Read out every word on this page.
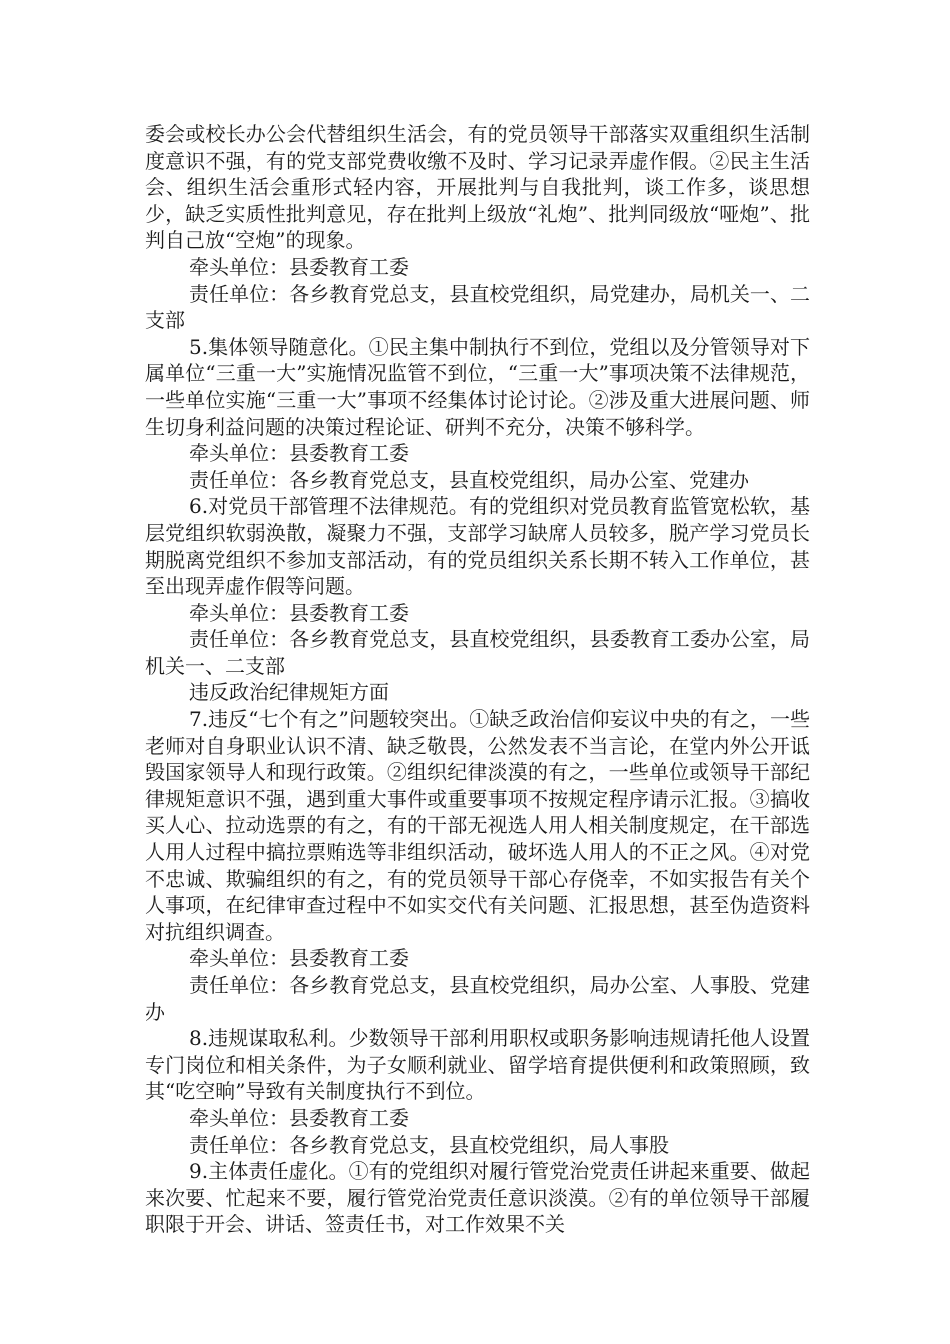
委会或校长办公会代替组织生活会，有的党员领导干部落实双重组织生活制度意识不强，有的党支部党费收缴不及时、学习记录弄虚作假。②民主生活会、组织生活会重形式轻内容，开展批判与自我批判，谈工作多，谈思想少，缺乏实质性批判意见，存在批判上级放“礼炮”、批判同级放“哑炮”、批判自己放“空炮”的现象。

牵头单位：县委教育工委

责任单位：各乡教育党总支，县直校党组织，局党建办，局机关一、二支部

5.集体领导随意化。①民主集中制执行不到位，党组以及分管领导对下属单位“三重一大”实施情况监管不到位，“三重一大”事项决策不法律规范，一些单位实施“三重一大”事项不经集体讨论讨论。②涉及重大进展问题、师生切身利益问题的决策过程论证、研判不充分，决策不够科学。

牵头单位：县委教育工委

责任单位：各乡教育党总支，县直校党组织，局办公室、党建办

6.对党员干部管理不法律规范。有的党组织对党员教育监管宽松软，基层党组织软弱涣散，凝聚力不强，支部学习缺席人员较多，脱产学习党员长期脱离党组织不参加支部活动，有的党员组织关系长期不转入工作单位，甚至出现弄虚作假等问题。

牵头单位：县委教育工委

责任单位：各乡教育党总支，县直校党组织，县委教育工委办公室，局机关一、二支部

违反政治纪律规矩方面

7.违反“七个有之”问题较突出。①缺乏政治信仰妄议中央的有之，一些老师对自身职业认识不清、缺乏敬畏，公然发表不当言论，在堂内外公开诋毁国家领导人和现行政策。②组织纪律淡漠的有之，一些单位或领导干部纪律规矩意识不强，遇到重大事件或重要事项不按规定程序请示汇报。③搞收买人心、拉动选票的有之，有的干部无视选人用人相关制度规定，在干部选人用人过程中搞拉票贿选等非组织活动，破坏选人用人的不正之风。④对党不忠诚、欺骗组织的有之，有的党员领导干部心存侥幸，不如实报告有关个人事项，在纪律审查过程中不如实交代有关问题、汇报思想，甚至伪造资料对抗组织调查。

牵头单位：县委教育工委

责任单位：各乡教育党总支，县直校党组织，局办公室、人事股、党建办

8.违规谋取私利。少数领导干部利用职权或职务影响违规请托他人设置专门岗位和相关条件，为子女顺利就业、留学培育提供便利和政策照顾，致其“吃空晌”导致有关制度执行不到位。

牵头单位：县委教育工委

责任单位：各乡教育党总支，县直校党组织，局人事股

9.主体责任虚化。①有的党组织对履行管党治党责任讲起来重要、做起来次要、忙起来不要，履行管党治党责任意识淡漠。②有的单位领导干部履职限于开会、讲话、签责任书，对工作效果不关
